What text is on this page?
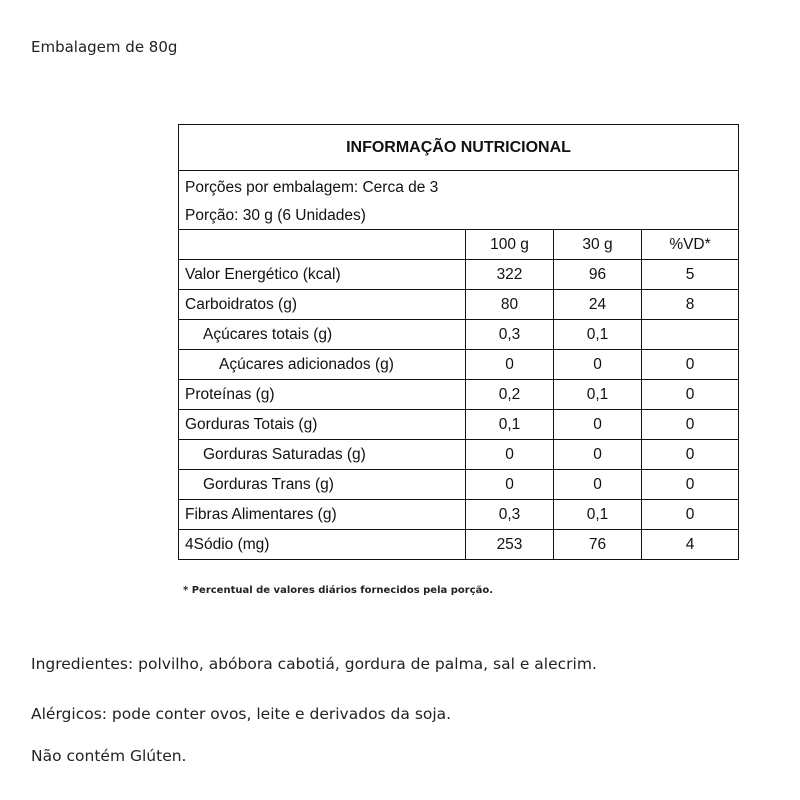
Embalagem de 80g
INFORMAÇÃO NUTRICIONAL			
Porções por embalagem: Cerca de 3			
Porção: 30 g (6 Unidades)			
	100 g	30 g	%VD*
Valor Energético (kcal)	322	96	5
Carboidratos (g)	80	24	8
Açúcares totais (g)	0,3	0,1	
Açúcares adicionados (g)	0	0	0
Proteínas (g)	0,2	0,1	0
Gorduras Totais (g)	0,1	0	0
Gorduras Saturadas (g)	0	0	0
Gorduras Trans (g)	0	0	0
Fibras Alimentares (g)	0,3	0,1	0
4Sódio (mg)	253	76	4
* Percentual de valores diários fornecidos pela porção.
Ingredientes: polvilho, abóbora cabotiá, gordura de palma, sal e alecrim.
Alérgicos: pode conter ovos, leite e derivados da soja.
Não contém Glúten.
